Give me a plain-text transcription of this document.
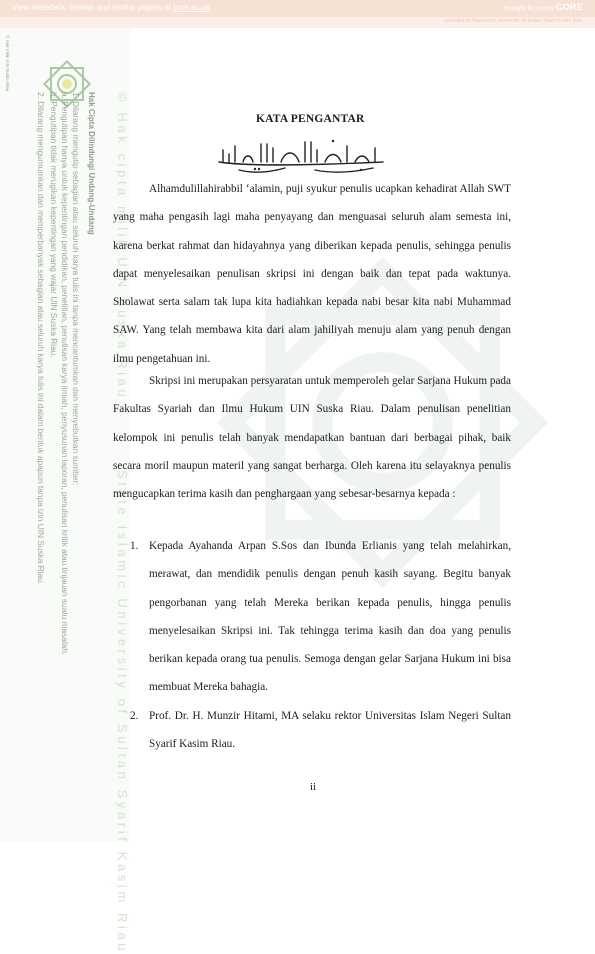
View metadata, citation and similar papers at core.ac.uk	brought to you by CORE
provided by Repository University Of Sultan Syarif Kasim Riau
© Hak milik UIN Suska Riau
Hak Cipta Dilindungi Undang-Undang
1. Dilarang mengutip sebagian atau seluruh karya tulis ini tanpa mencantumkan dan menyebutkan sumber:
a. Pengutipan hanya untuk kepentingan pendidikan, penelitian, penulisan karya ilmiah, penyusunan laporan, penulisan kritik atau tinjauan suatu masalah.
b. Pengutipan tidak merugikan kepentingan yang wajar UIN Suska Riau.
2. Dilarang mengumumkan dan memperbanyak sebagian atau seluruh karya tulis ini dalam bentuk apapun tanpa izin UIN Suska Riau.	© Hak cipta milik UIN Suska Riau
State Islamic University of Sultan Syarif Kasim Riau
KATA PENGANTAR

Alhamdulillahirabbil ‘alamin, puji syukur penulis ucapkan kehadirat Allah SWT yang maha pengasih lagi maha penyayang dan menguasai seluruh alam semesta ini, karena berkat rahmat dan hidayahnya yang diberikan kepada penulis, sehingga penulis dapat menyelesaikan penulisan skripsi ini dengan baik dan tepat pada waktunya. Sholawat serta salam tak lupa kita hadiahkan kepada nabi besar kita nabi Muhammad SAW. Yang telah membawa kita dari alam jahiliyah menuju alam yang penuh dengan ilmu pengetahuan ini.

Skripsi ini merupakan persyaratan untuk memperoleh gelar Sarjana Hukum pada Fakultas Syariah dan Ilmu Hukum UIN Suska Riau. Dalam penulisan penelitian kelompok ini penulis telah banyak mendapatkan bantuan dari berbagai pihak, baik secara moril maupun materil yang sangat berharga. Oleh karena itu selayaknya penulis mengucapkan terima kasih dan penghargaan yang sebesar-besarnya kepada :

1. Kepada Ayahanda Arpan S.Sos dan Ibunda Erlianis yang telah melahirkan, merawat, dan mendidik penulis dengan penuh kasih sayang. Begitu banyak pengorbanan yang telah Mereka berikan kepada penulis, hingga penulis menyelesaikan Skripsi ini. Tak tehingga terima kasih dan doa yang penulis berikan kepada orang tua penulis. Semoga dengan gelar Sarjana Hukum ini bisa membuat Mereka bahagia.
2. Prof. Dr. H. Munzir Hitami, MA selaku rektor Universitas Islam Negeri Sultan Syarif Kasim Riau.
ii
